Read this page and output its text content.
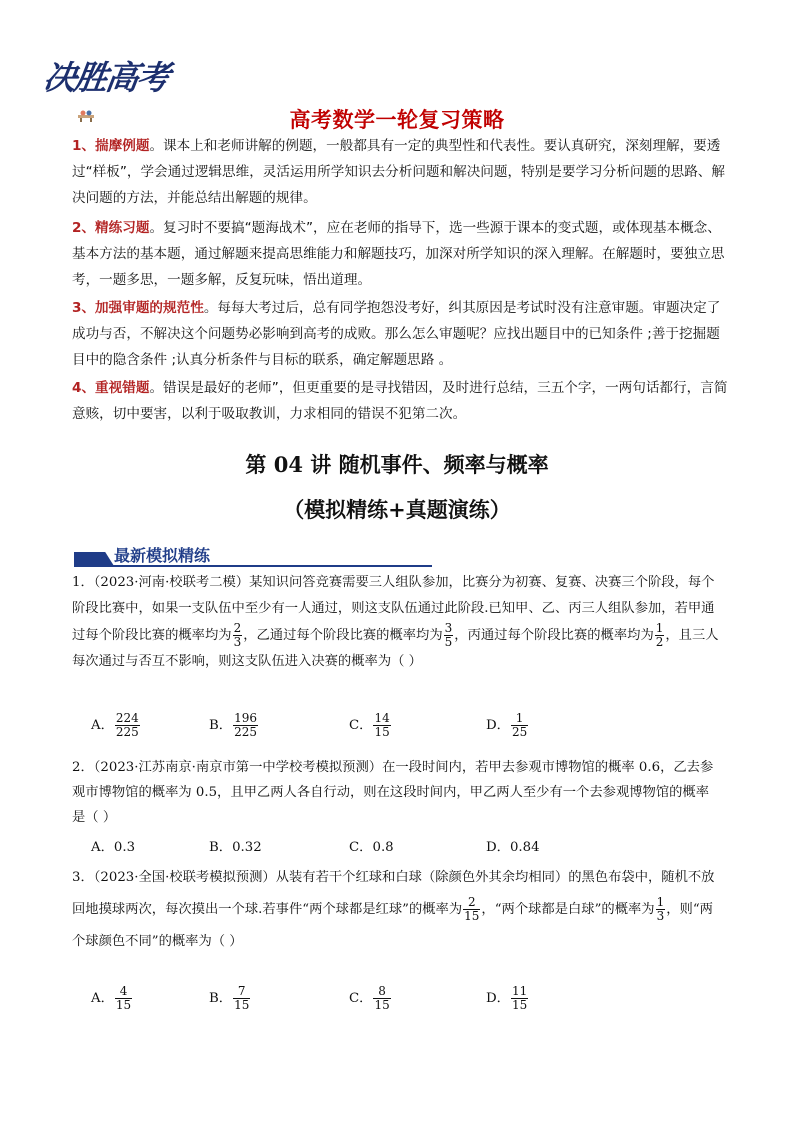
决胜高考
高考数学一轮复习策略
1、揣摩例题。课本上和老师讲解的例题，一般都具有一定的典型性和代表性。要认真研究，深刻理解，要透过“样板”，学会通过逻辑思维，灵活运用所学知识去分析问题和解决问题，特别是要学习分析问题的思路、解决问题的方法，并能总结出解题的规律。
2、精练习题。复习时不要搞“题海战术”，应在老师的指导下，选一些源于课本的变式题，或体现基本概念、基本方法的基本题，通过解题来提高思维能力和解题技巧，加深对所学知识的深入理解。在解题时，要独立思考，一题多思，一题多解，反复玩味，悟出道理。
3、加强审题的规范性。每每大考过后，总有同学抱怨没考好，纠其原因是考试时没有注意审题。审题决定了成功与否，不解决这个问题势必影响到高考的成败。那么怎么审题呢？应找出题目中的已知条件 ;善于挖掘题目中的隐含条件 ;认真分析条件与目标的联系，确定解题思路 。
4、重视错题。错误是最好的老师”，但更重要的是寻找错因，及时进行总结，三五个字，一两句话都行，言简意赅，切中要害，以利于吸取教训，力求相同的错误不犯第二次。
第 04 讲 随机事件、频率与概率
（模拟精练+真题演练）
最新模拟精练
1．（2023·河南·校联考二模）某知识问答竞赛需要三人组队参加，比赛分为初赛、复赛、决赛三个阶段，每个阶段比赛中，如果一支队伍中至少有一人通过，则这支队伍通过此阶段.已知甲、乙、丙三人组队参加，若甲通过每个阶段比赛的概率均为 $\frac{2}{3}$ ，乙通过每个阶段比赛的概率均为 $\frac{3}{5}$ ，丙通过每个阶段比赛的概率均为 $\frac{1}{2}$ ，且三人每次通过与否互不影响，则这支队伍进入决赛的概率为（ ）
A． $\frac{224}{225}$	B． $\frac{196}{225}$	C． $\frac{14}{15}$	D． $\frac{1}{25}$
2．（2023·江苏南京·南京市第一中学校考模拟预测）在一段时间内，若甲去参观市博物馆的概率 0.6，乙去参观市博物馆的概率为 0.5，且甲乙两人各自行动，则在这段时间内，甲乙两人至少有一个去参观博物馆的概率是（ ）
A．0.3	B．0.32	C．0.8	D．0.84
3．（2023·全国·校联考模拟预测）从装有若干个红球和白球（除颜色外其余均相同）的黑色布袋中，随机不放回地摸球两次，每次摸出一个球.若事件“两个球都是红球”的概率为 $\frac{2}{15}$ ，“两个球都是白球”的概率为 $\frac{1}{3}$ ，则“两个球颜色不同”的概率为（ ）
A． $\frac{4}{15}$	B． $\frac{7}{15}$	C． $\frac{8}{15}$	D． $\frac{11}{15}$
